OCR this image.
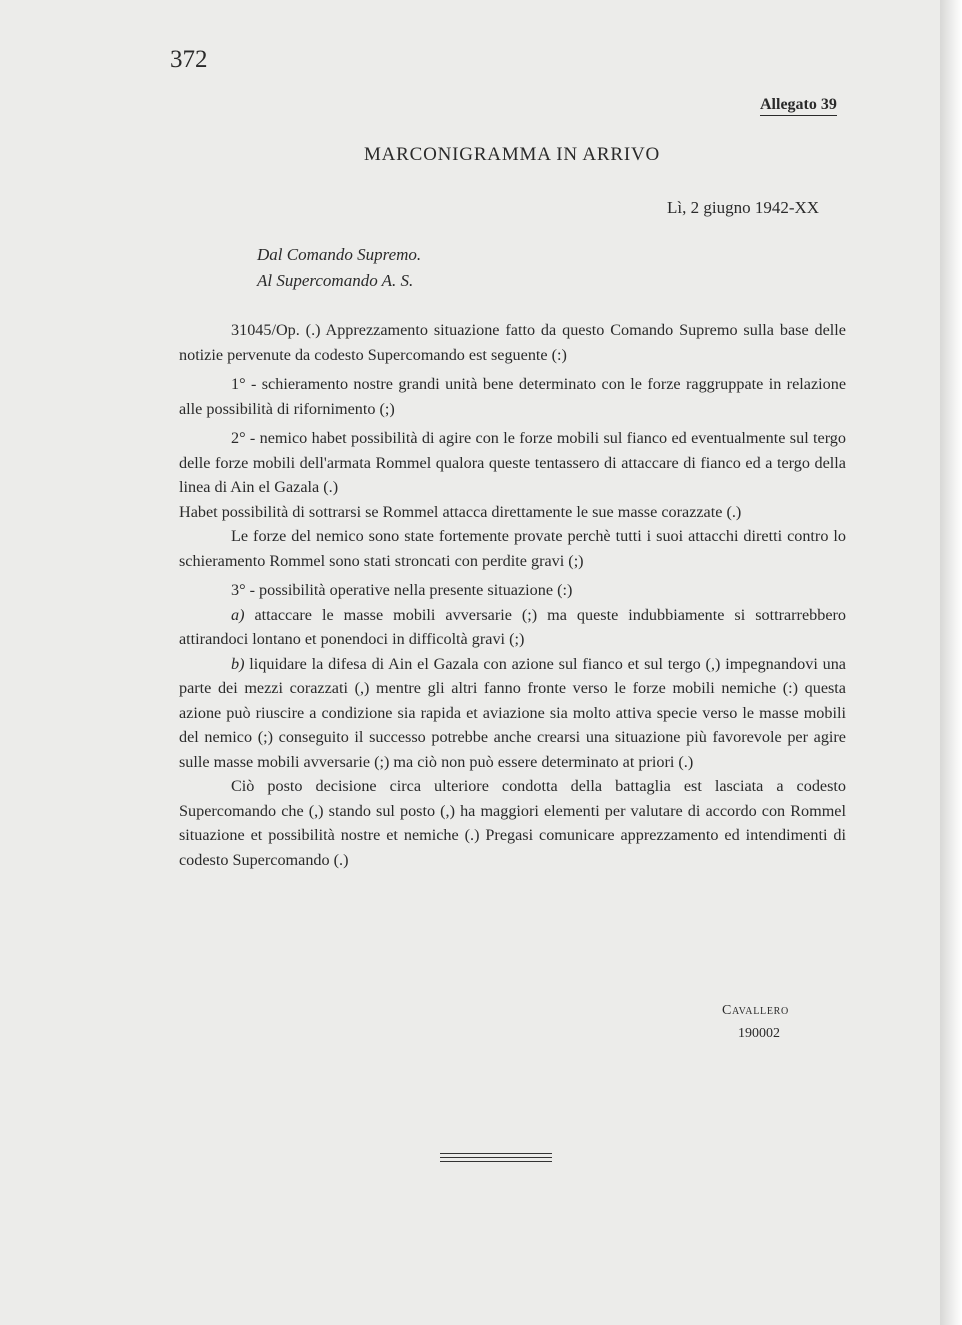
372
Allegato 39
MARCONIGRAMMA IN ARRIVO
Lì, 2 giugno 1942-XX
Dal Comando Supremo.
Al Supercomando A. S.

31045/Op. (.) Apprezzamento situazione fatto da questo Comando Supremo sulla base delle notizie pervenute da codesto Supercomando est seguente (:)

1° - schieramento nostre grandi unità bene determinato con le forze raggruppate in relazione alle possibilità di rifornimento (;)

2° - nemico habet possibilità di agire con le forze mobili sul fianco ed eventualmente sul tergo delle forze mobili dell'armata Rommel qualora queste tentassero di attaccare di fianco ed a tergo della linea di Ain el Gazala (.)

Habet possibilità di sottrarsi se Rommel attacca direttamente le sue masse corazzate (.)

Le forze del nemico sono state fortemente provate perchè tutti i suoi attacchi diretti contro lo schieramento Rommel sono stati stroncati con perdite gravi (;)

3° - possibilità operative nella presente situazione (:)

a) attaccare le masse mobili avversarie (;) ma queste indubbiamente si sottrarrebbero attirandoci lontano et ponendoci in difficoltà gravi (;)

b) liquidare la difesa di Ain el Gazala con azione sul fianco et sul tergo (,) impegnandovi una parte dei mezzi corazzati (,) mentre gli altri fanno fronte verso le forze mobili nemiche (:) questa azione può riuscire a condizione sia rapida et aviazione sia molto attiva specie verso le masse mobili del nemico (;) conseguito il successo potrebbe anche crearsi una situazione più favorevole per agire sulle masse mobili avversarie (;) ma ciò non può essere determinato at priori (.)

Ciò posto decisione circa ulteriore condotta della battaglia est lasciata a codesto Supercomando che (,) stando sul posto (,) ha maggiori elementi per valutare di accordo con Rommel situazione et possibilità nostre et nemiche (.) Pregasi comunicare apprezzamento ed intendimenti di codesto Supercomando (.)

Cavallero
190002
